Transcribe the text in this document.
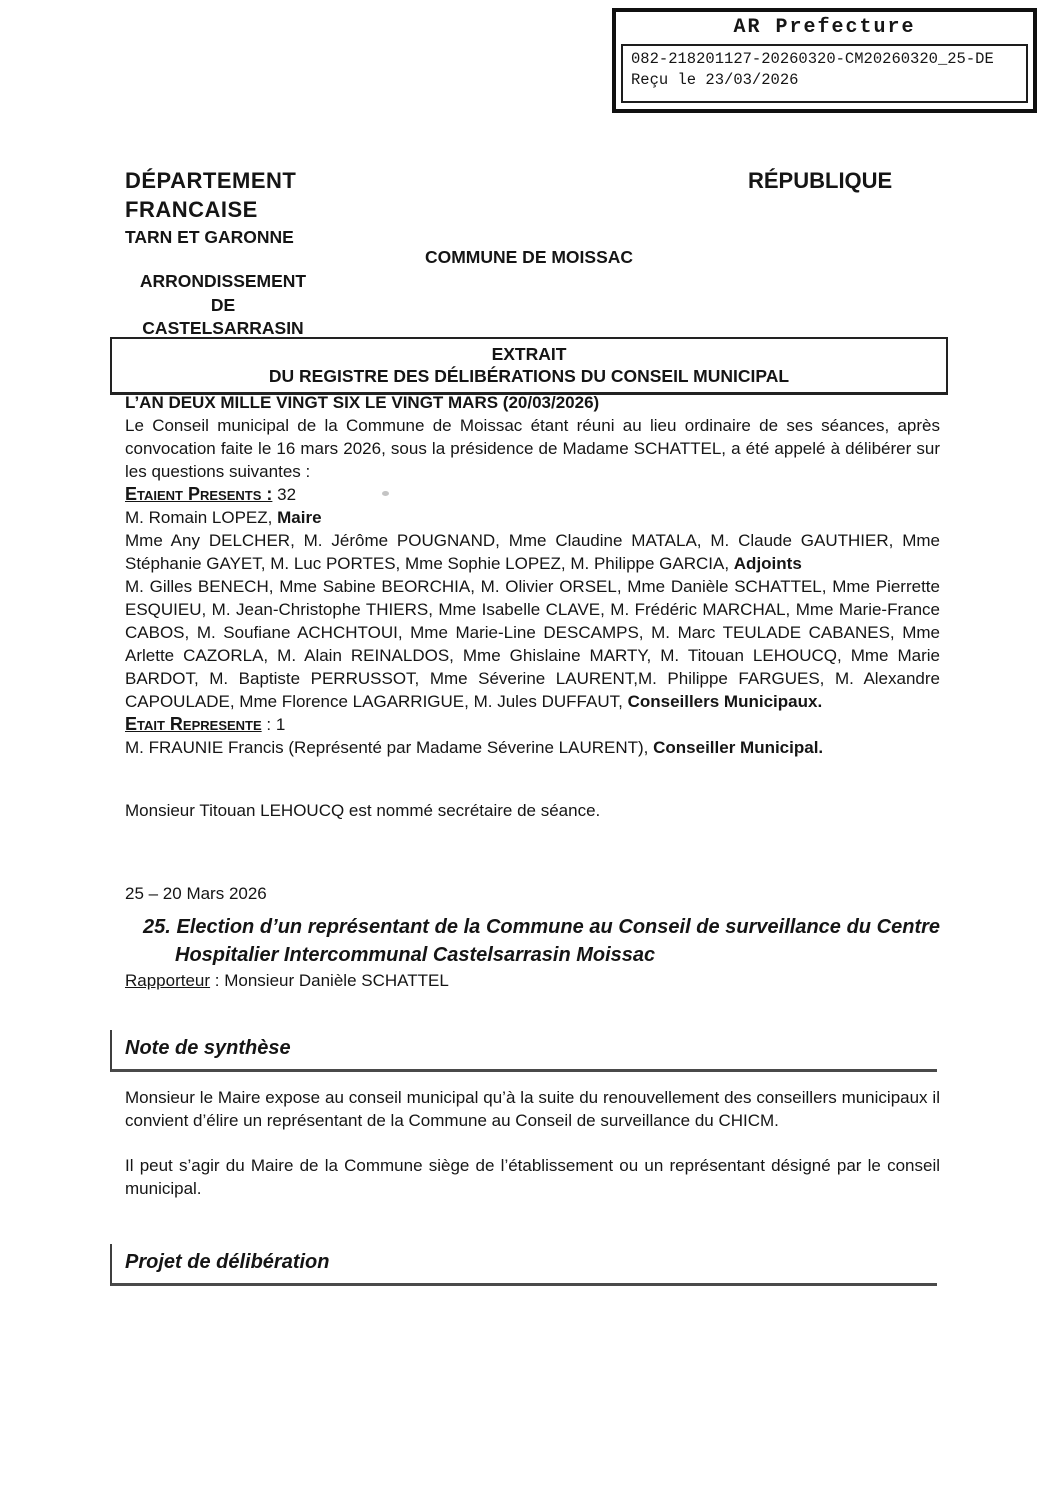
AR Prefecture
082-218201127-20260320-CM20260320_25-DE
Reçu le 23/03/2026
DÉPARTEMENT
FRANCAISE
TARN ET GARONNE
RÉPUBLIQUE
COMMUNE DE MOISSAC
ARRONDISSEMENT
DE
CASTELSARRASIN
EXTRAIT
DU REGISTRE DES DÉLIBÉRATIONS DU CONSEIL MUNICIPAL

L’AN DEUX MILLE VINGT SIX LE VINGT MARS (20/03/2026)

Le Conseil municipal de la Commune de Moissac étant réuni au lieu ordinaire de ses séances, après convocation faite le 16 mars 2026, sous la présidence de Madame SCHATTEL, a été appelé à délibérer sur les questions suivantes :

Etaient Presents : 32

M. Romain LOPEZ, Maire

Mme Any DELCHER, M. Jérôme POUGNAND, Mme Claudine MATALA, M. Claude GAUTHIER, Mme Stéphanie GAYET, M. Luc PORTES, Mme Sophie LOPEZ, M. Philippe GARCIA, Adjoints

M. Gilles BENECH, Mme Sabine BEORCHIA, M. Olivier ORSEL, Mme Danièle SCHATTEL, Mme Pierrette ESQUIEU, M. Jean-Christophe THIERS, Mme Isabelle CLAVE, M. Frédéric MARCHAL, Mme Marie-France CABOS, M. Soufiane ACHCHTOUI, Mme Marie-Line DESCAMPS, M. Marc TEULADE CABANES, Mme Arlette CAZORLA, M. Alain REINALDOS, Mme Ghislaine MARTY, M. Titouan LEHOUCQ, Mme Marie BARDOT, M. Baptiste PERRUSSOT, Mme Séverine LAURENT,M. Philippe FARGUES, M. Alexandre CAPOULADE, Mme Florence LAGARRIGUE, M. Jules DUFFAUT, Conseillers Municipaux.

Etait Represente : 1

M. FRAUNIE Francis (Représenté par Madame Séverine LAURENT), Conseiller Municipal.

Monsieur Titouan LEHOUCQ est nommé secrétaire de séance.

25 – 20 Mars 2026

25. Election d’un représentant de la Commune au Conseil de surveillance du Centre Hospitalier Intercommunal Castelsarrasin Moissac

Rapporteur : Monsieur Danièle SCHATTEL

Note de synthèse

Monsieur le Maire expose au conseil municipal qu’à la suite du renouvellement des conseillers municipaux il convient d’élire un représentant de la Commune au Conseil de surveillance du CHICM.

Il peut s’agir du Maire de la Commune siège de l’établissement ou un représentant désigné par le conseil municipal.

Projet de délibération
